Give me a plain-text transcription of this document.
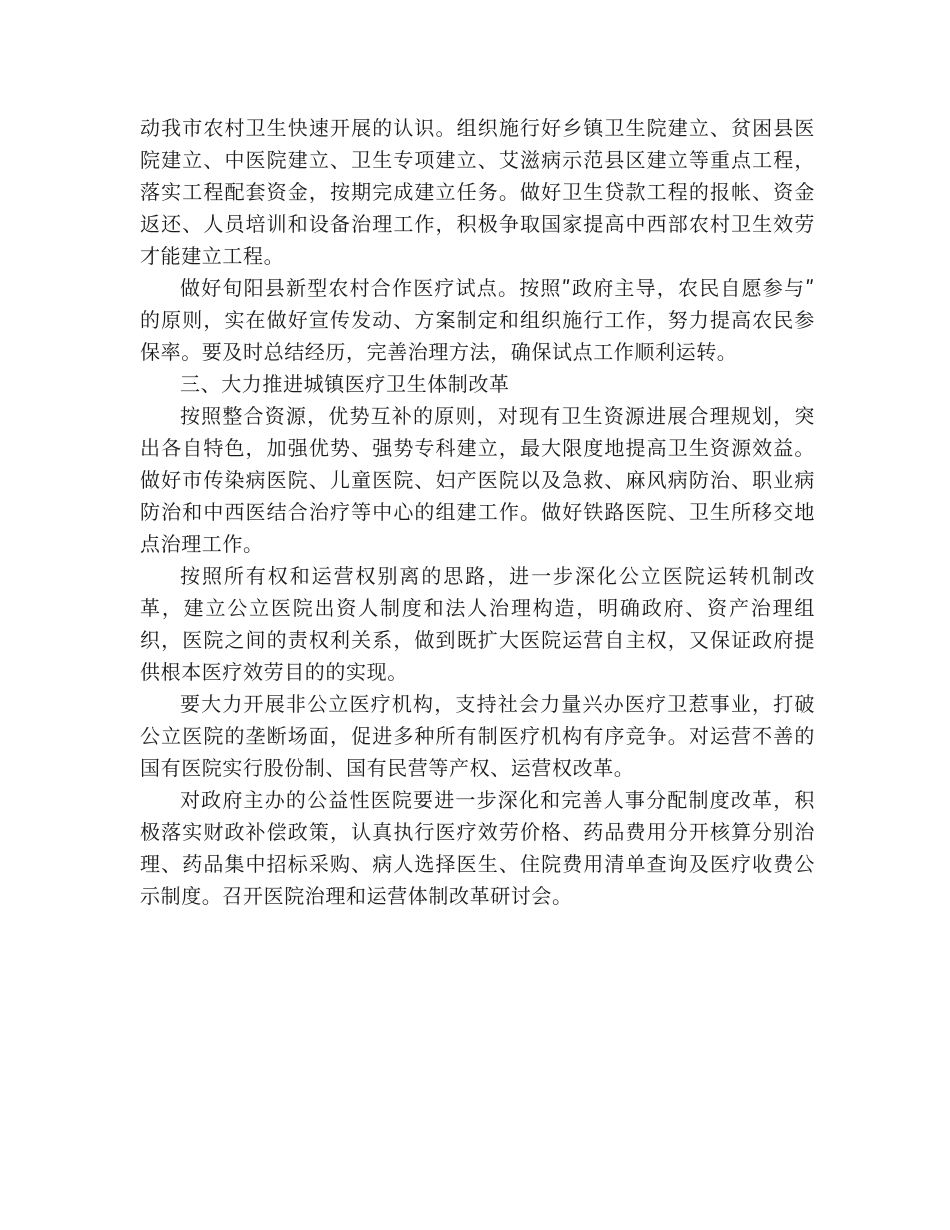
动我市农村卫生快速开展的认识。组织施行好乡镇卫生院建立、贫困县医院建立、中医院建立、卫生专项建立、艾滋病示范县区建立等重点工程，落实工程配套资金，按期完成建立任务。做好卫生贷款工程的报帐、资金返还、人员培训和设备治理工作，积极争取国家提高中西部农村卫生效劳才能建立工程。

做好旬阳县新型农村合作医疗试点。按照ʺ政府主导，农民自愿参与ʺ的原则，实在做好宣传发动、方案制定和组织施行工作，努力提高农民参保率。要及时总结经历，完善治理方法，确保试点工作顺利运转。

三、大力推进城镇医疗卫生体制改革

按照整合资源，优势互补的原则，对现有卫生资源进展合理规划，突出各自特色，加强优势、强势专科建立，最大限度地提高卫生资源效益。做好市传染病医院、儿童医院、妇产医院以及急救、麻风病防治、职业病防治和中西医结合治疗等中心的组建工作。做好铁路医院、卫生所移交地点治理工作。

按照所有权和运营权别离的思路，进一步深化公立医院运转机制改革，建立公立医院出资人制度和法人治理构造，明确政府、资产治理组织，医院之间的责权利关系，做到既扩大医院运营自主权，又保证政府提供根本医疗效劳目的的实现。

要大力开展非公立医疗机构，支持社会力量兴办医疗卫惹事业，打破公立医院的垄断场面，促进多种所有制医疗机构有序竞争。对运营不善的国有医院实行股份制、国有民营等产权、运营权改革。

对政府主办的公益性医院要进一步深化和完善人事分配制度改革，积极落实财政补偿政策，认真执行医疗效劳价格、药品费用分开核算分别治理、药品集中招标采购、病人选择医生、住院费用清单查询及医疗收费公示制度。召开医院治理和运营体制改革研讨会。
